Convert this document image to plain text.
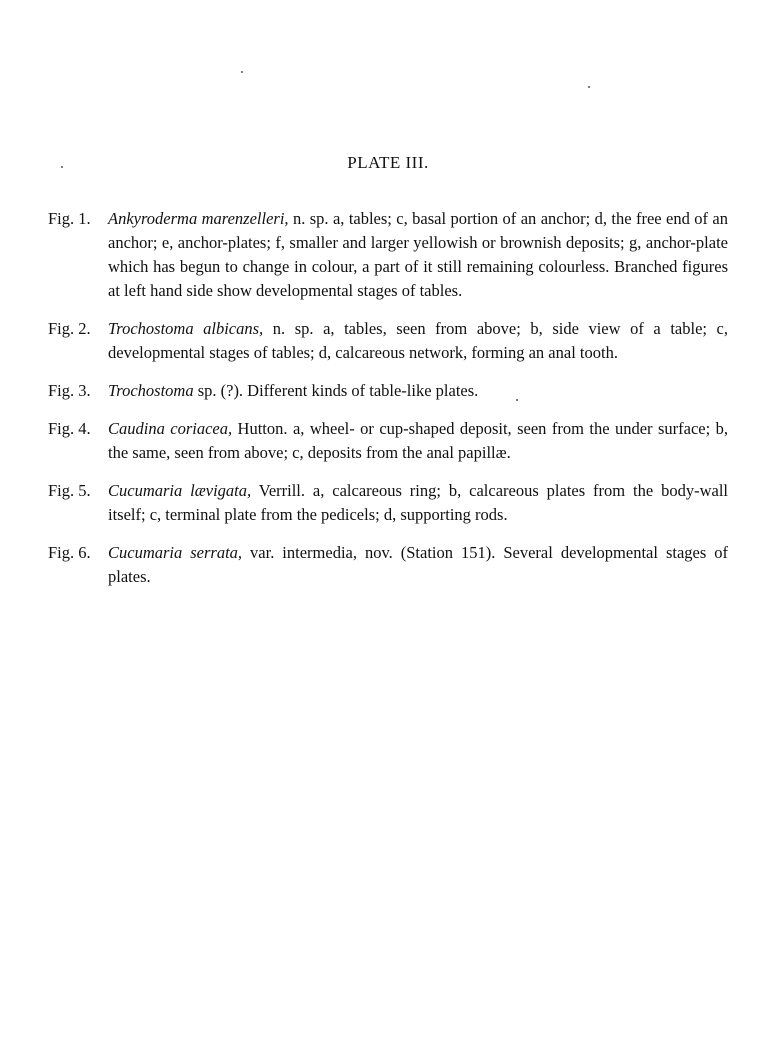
PLATE III.
Fig. 1.	Ankyroderma marenzelleri, n. sp. a, tables; c, basal portion of an anchor; d, the free end of an anchor; e, anchor-plates; f, smaller and larger yellowish or brownish deposits; g, anchor-plate which has begun to change in colour, a part of it still remaining colourless. Branched figures at left hand side show developmental stages of tables.
Fig. 2.	Trochostoma albicans, n. sp. a, tables, seen from above; b, side view of a table; c, developmental stages of tables; d, calcareous network, forming an anal tooth.
Fig. 3.	Trochostoma sp. (?). Different kinds of table-like plates.
Fig. 4.	Caudina coriacea, Hutton. a, wheel- or cup-shaped deposit, seen from the under surface; b, the same, seen from above; c, deposits from the anal papillæ.
Fig. 5.	Cucumaria lævigata, Verrill. a, calcareous ring; b, calcareous plates from the body-wall itself; c, terminal plate from the pedicels; d, supporting rods.
Fig. 6.	Cucumaria serrata, var. intermedia, nov. (Station 151). Several developmental stages of plates.
